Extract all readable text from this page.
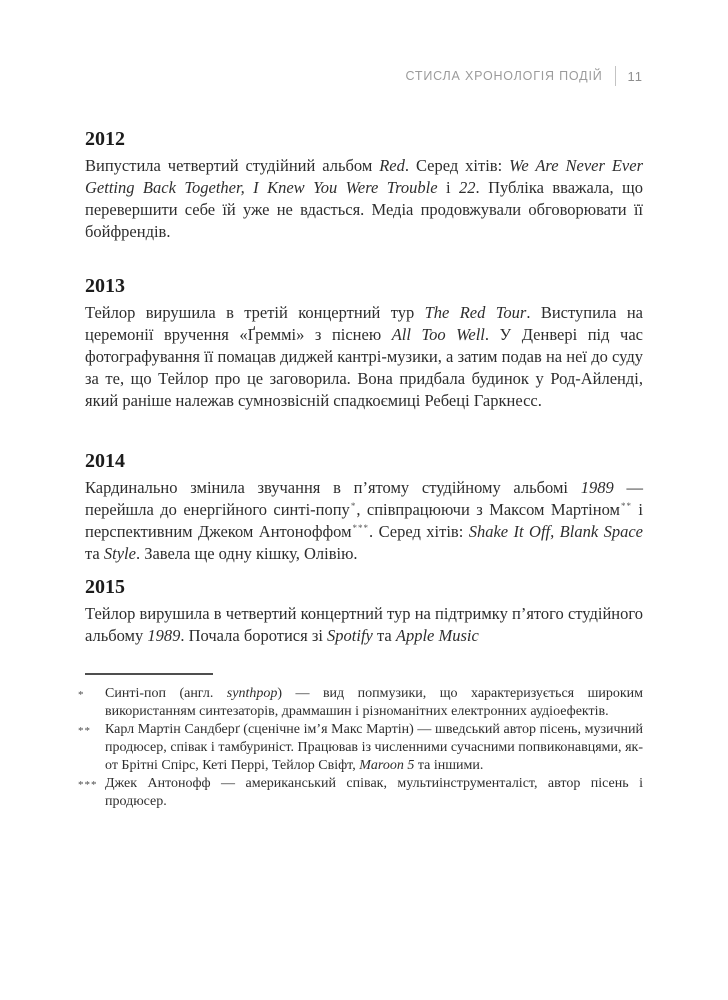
СТИСЛА ХРОНОЛОГІЯ ПОДІЙ 11
2012

Випустила четвертий студійний альбом Red. Серед хітів: We Are Never Ever Getting Back Together, I Knew You Were Trouble і 22. Публіка вважала, що перевершити себе їй уже не вдасться. Медіа продовжували обговорювати її бойфрендів.

2013

Тейлор вирушила в третій концертний тур The Red Tour. Виступила на церемонії вручення «Ґреммі» з піснею All Too Well. У Денвері під час фотографування її помацав диджей кантрі-музики, а затим подав на неї до суду за те, що Тейлор про це заговорила. Вона придбала будинок у Род-Айленді, який раніше належав сумнозвісній спадкоємиці Ребеці Гаркнесс.

2014

Кардинально змінила звучання в п’ятому студійному альбомі 1989 — перейшла до енергійного синті-попу*, співпрацюючи з Максом Мартіном** і перспективним Джеком Антоноффом***. Серед хітів: Shake It Off, Blank Space та Style. Завела ще одну кішку, Олівію.

2015

Тейлор вирушила в четвертий концертний тур на підтримку п’ятого студійного альбому 1989. Почала боротися зі Spotify та Apple Music

*	Синті-поп (англ. synthpop) — вид попмузики, що характеризується широким використанням синтезаторів, драммашин і різноманітних електронних аудіоефектів.
**	Карл Мартін Сандберґ (сценічне ім’я Макс Мартін) — шведський автор пісень, музичний продюсер, співак і тамбуриніст. Працював із численними сучасними попвиконавцями, як-от Брітні Спірс, Кеті Перрі, Тейлор Свіфт, Maroon 5 та іншими.
*** Джек Антонофф — американський співак, мультиінструменталіст, автор пісень і продюсер.
